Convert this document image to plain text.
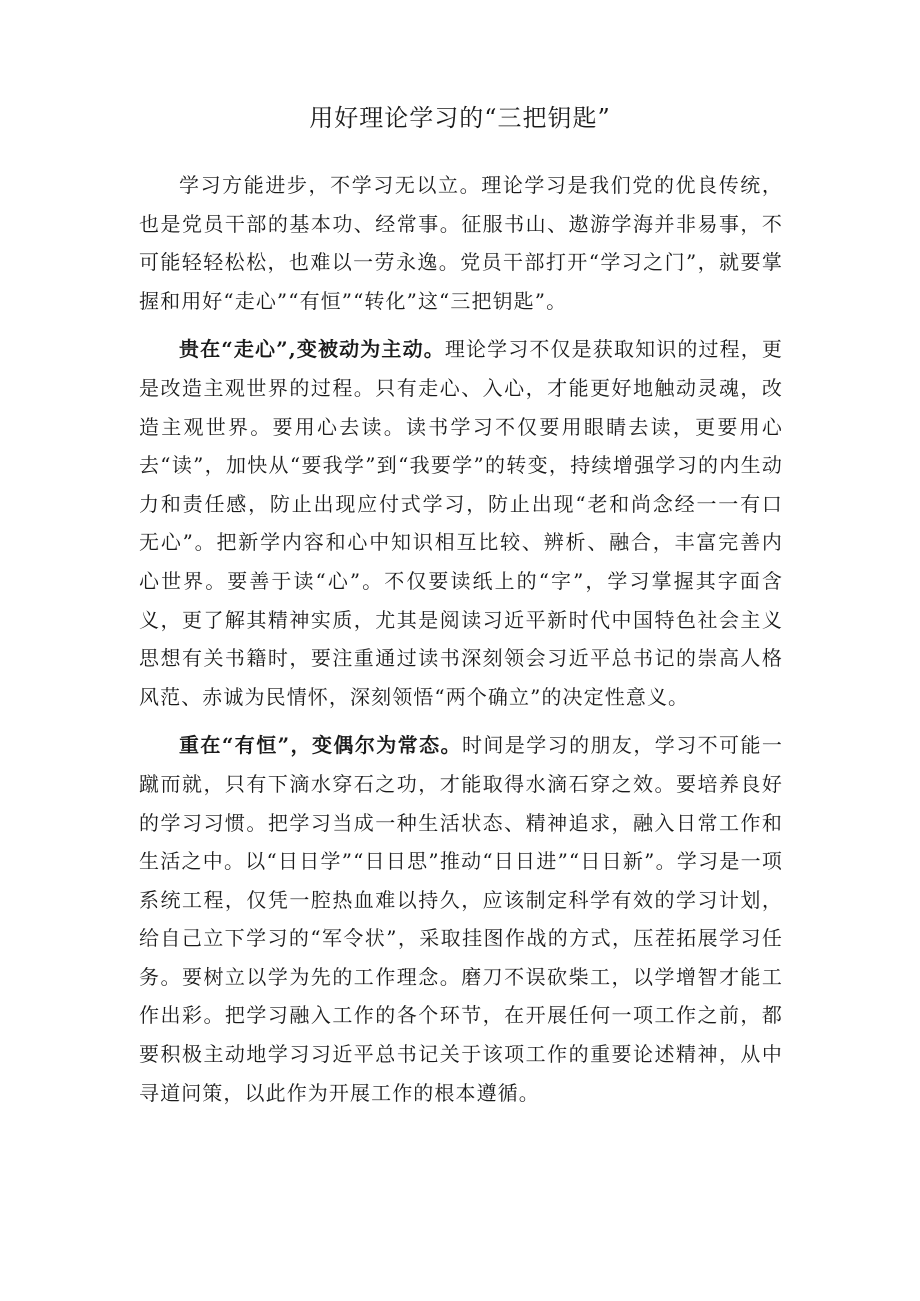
用好理论学习的“三把钥匙”

学习方能进步，不学习无以立。理论学习是我们党的优良传统，也是党员干部的基本功、经常事。征服书山、遨游学海并非易事，不可能轻轻松松，也难以一劳永逸。党员干部打开“学习之门”，就要掌握和用好“走心”“有恒”“转化”这“三把钥匙”。

贵在“走心”,变被动为主动。理论学习不仅是获取知识的过程，更是改造主观世界的过程。只有走心、入心，才能更好地触动灵魂，改造主观世界。要用心去读。读书学习不仅要用眼睛去读，更要用心去“读”，加快从“要我学”到“我要学”的转变，持续增强学习的内生动力和责任感，防止出现应付式学习，防止出现“老和尚念经一一有口无心”。把新学内容和心中知识相互比较、辨析、融合，丰富完善内心世界。要善于读“心”。不仅要读纸上的“字”，学习掌握其字面含义，更了解其精神实质，尤其是阅读习近平新时代中国特色社会主义思想有关书籍时，要注重通过读书深刻领会习近平总书记的崇高人格风范、赤诚为民情怀，深刻领悟“两个确立”的决定性意义。

重在“有恒”，变偶尔为常态。时间是学习的朋友，学习不可能一蹴而就，只有下滴水穿石之功，才能取得水滴石穿之效。要培养良好的学习习惯。把学习当成一种生活状态、精神追求，融入日常工作和生活之中。以“日日学”“日日思”推动“日日进”“日日新”。学习是一项系统工程，仅凭一腔热血难以持久，应该制定科学有效的学习计划，给自己立下学习的“军令状”，采取挂图作战的方式，压茬拓展学习任务。要树立以学为先的工作理念。磨刀不误砍柴工，以学增智才能工作出彩。把学习融入工作的各个环节，在开展任何一项工作之前，都要积极主动地学习习近平总书记关于该项工作的重要论述精神，从中寻道问策，以此作为开展工作的根本遵循。
